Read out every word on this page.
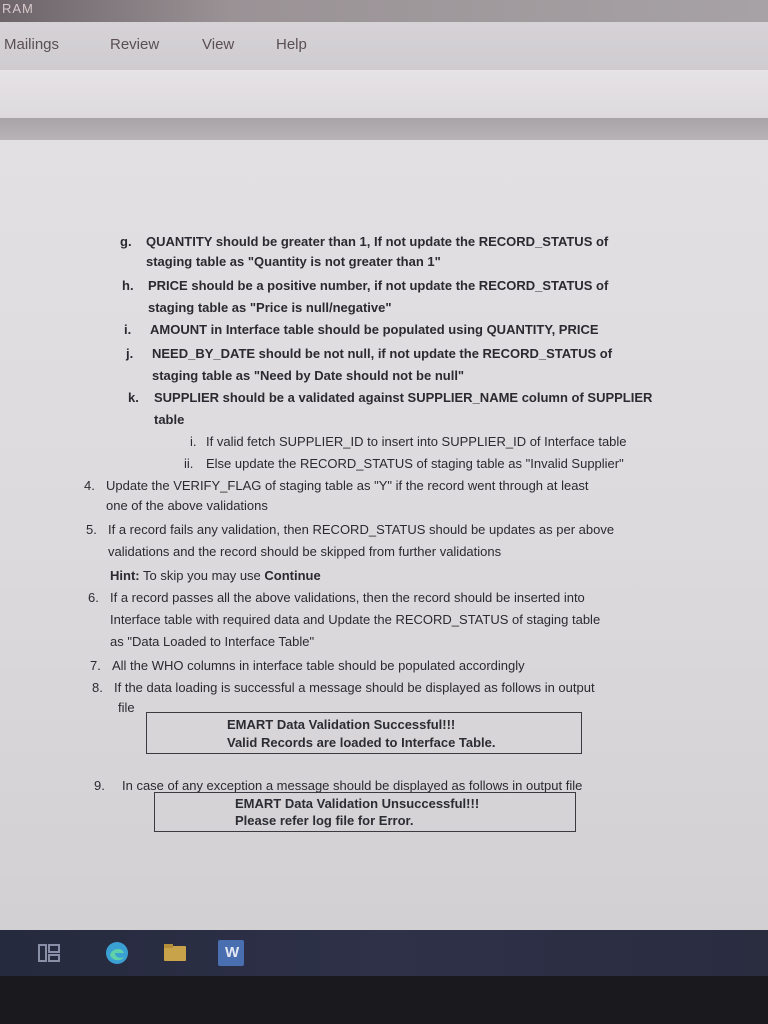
RAM
Mailings	Review	View	Help
g. QUANTITY should be greater than 1, If not update the RECORD_STATUS of
staging table as "Quantity is not greater than 1"
h. PRICE should be a positive number, if not update the RECORD_STATUS of
staging table as "Price is null/negative"
i. AMOUNT in Interface table should be populated using QUANTITY, PRICE
j. NEED_BY_DATE should be not null, if not update the RECORD_STATUS of
staging table as "Need by Date should not be null"
k. SUPPLIER should be a validated against SUPPLIER_NAME column of SUPPLIER
table
i. If valid fetch SUPPLIER_ID to insert into SUPPLIER_ID of Interface table
ii. Else update the RECORD_STATUS of staging table as "Invalid Supplier"
4. Update the VERIFY_FLAG of staging table as "Y" if the record went through at least
one of the above validations
5. If a record fails any validation, then RECORD_STATUS should be updates as per above
validations and the record should be skipped from further validations
Hint: To skip you may use Continue
6. If a record passes all the above validations, then the record should be inserted into
Interface table with required data and Update the RECORD_STATUS of staging table
as "Data Loaded to Interface Table"
7. All the WHO columns in interface table should be populated accordingly
8. If the data loading is successful a message should be displayed as follows in output
file
EMART Data Validation Successful!!!
Valid Records are loaded to Interface Table.
9. In case of any exception a message should be displayed as follows in output file
EMART Data Validation Unsuccessful!!!
Please refer log file for Error.
W
